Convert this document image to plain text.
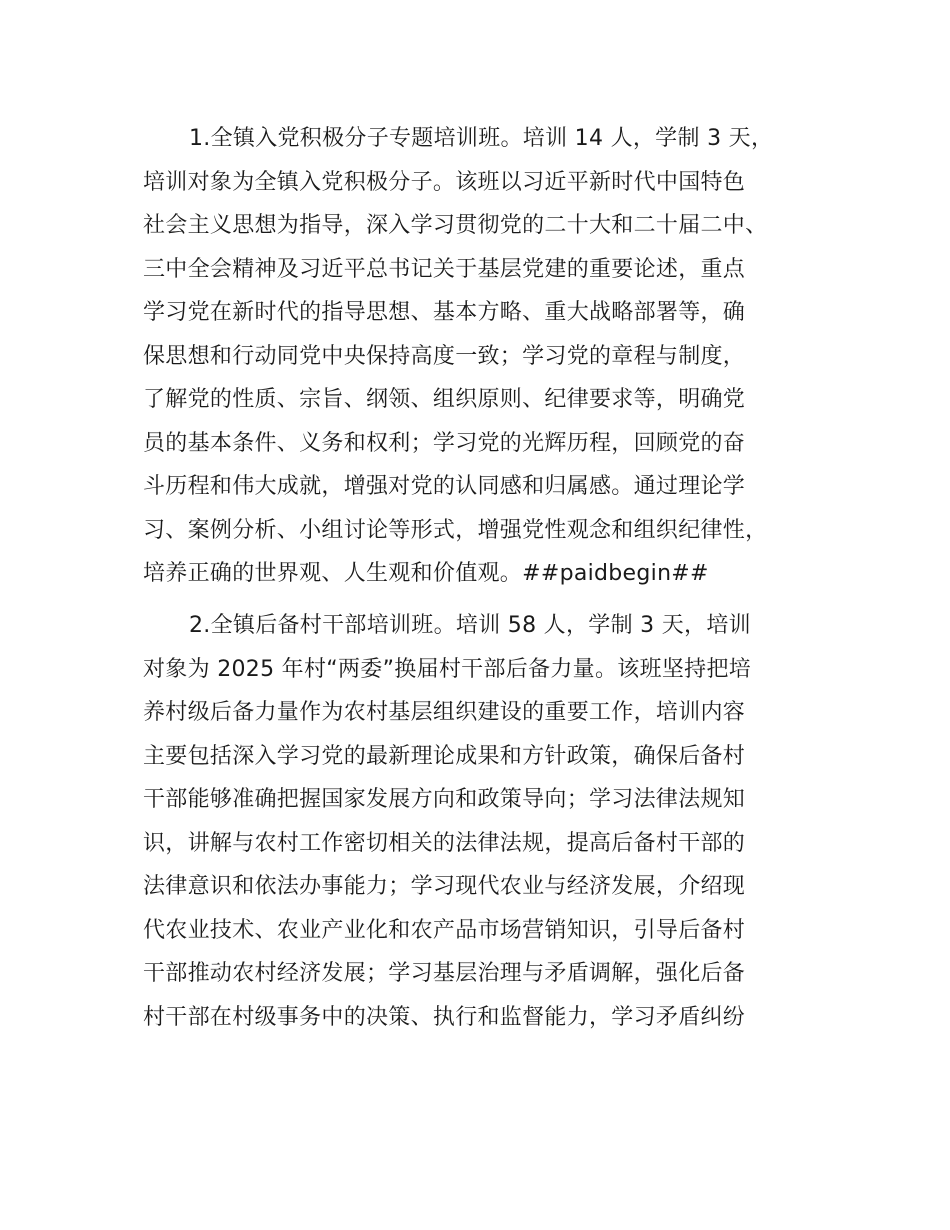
1.全镇入党积极分子专题培训班。培训 14 人，学制 3 天，
培训对象为全镇入党积极分子。该班以习近平新时代中国特色
社会主义思想为指导，深入学习贯彻党的二十大和二十届二中、
三中全会精神及习近平总书记关于基层党建的重要论述，重点
学习党在新时代的指导思想、基本方略、重大战略部署等，确
保思想和行动同党中央保持高度一致；学习党的章程与制度，
了解党的性质、宗旨、纲领、组织原则、纪律要求等，明确党
员的基本条件、义务和权利；学习党的光辉历程，回顾党的奋
斗历程和伟大成就，增强对党的认同感和归属感。通过理论学
习、案例分析、小组讨论等形式，增强党性观念和组织纪律性，
培养正确的世界观、人生观和价值观。##paidbegin##

2.全镇后备村干部培训班。培训 58 人，学制 3 天，培训
对象为 2025 年村“两委”换届村干部后备力量。该班坚持把培
养村级后备力量作为农村基层组织建设的重要工作，培训内容
主要包括深入学习党的最新理论成果和方针政策，确保后备村
干部能够准确把握国家发展方向和政策导向；学习法律法规知
识，讲解与农村工作密切相关的法律法规，提高后备村干部的
法律意识和依法办事能力；学习现代农业与经济发展，介绍现
代农业技术、农业产业化和农产品市场营销知识，引导后备村
干部推动农村经济发展；学习基层治理与矛盾调解，强化后备
村干部在村级事务中的决策、执行和监督能力，学习矛盾纠纷
